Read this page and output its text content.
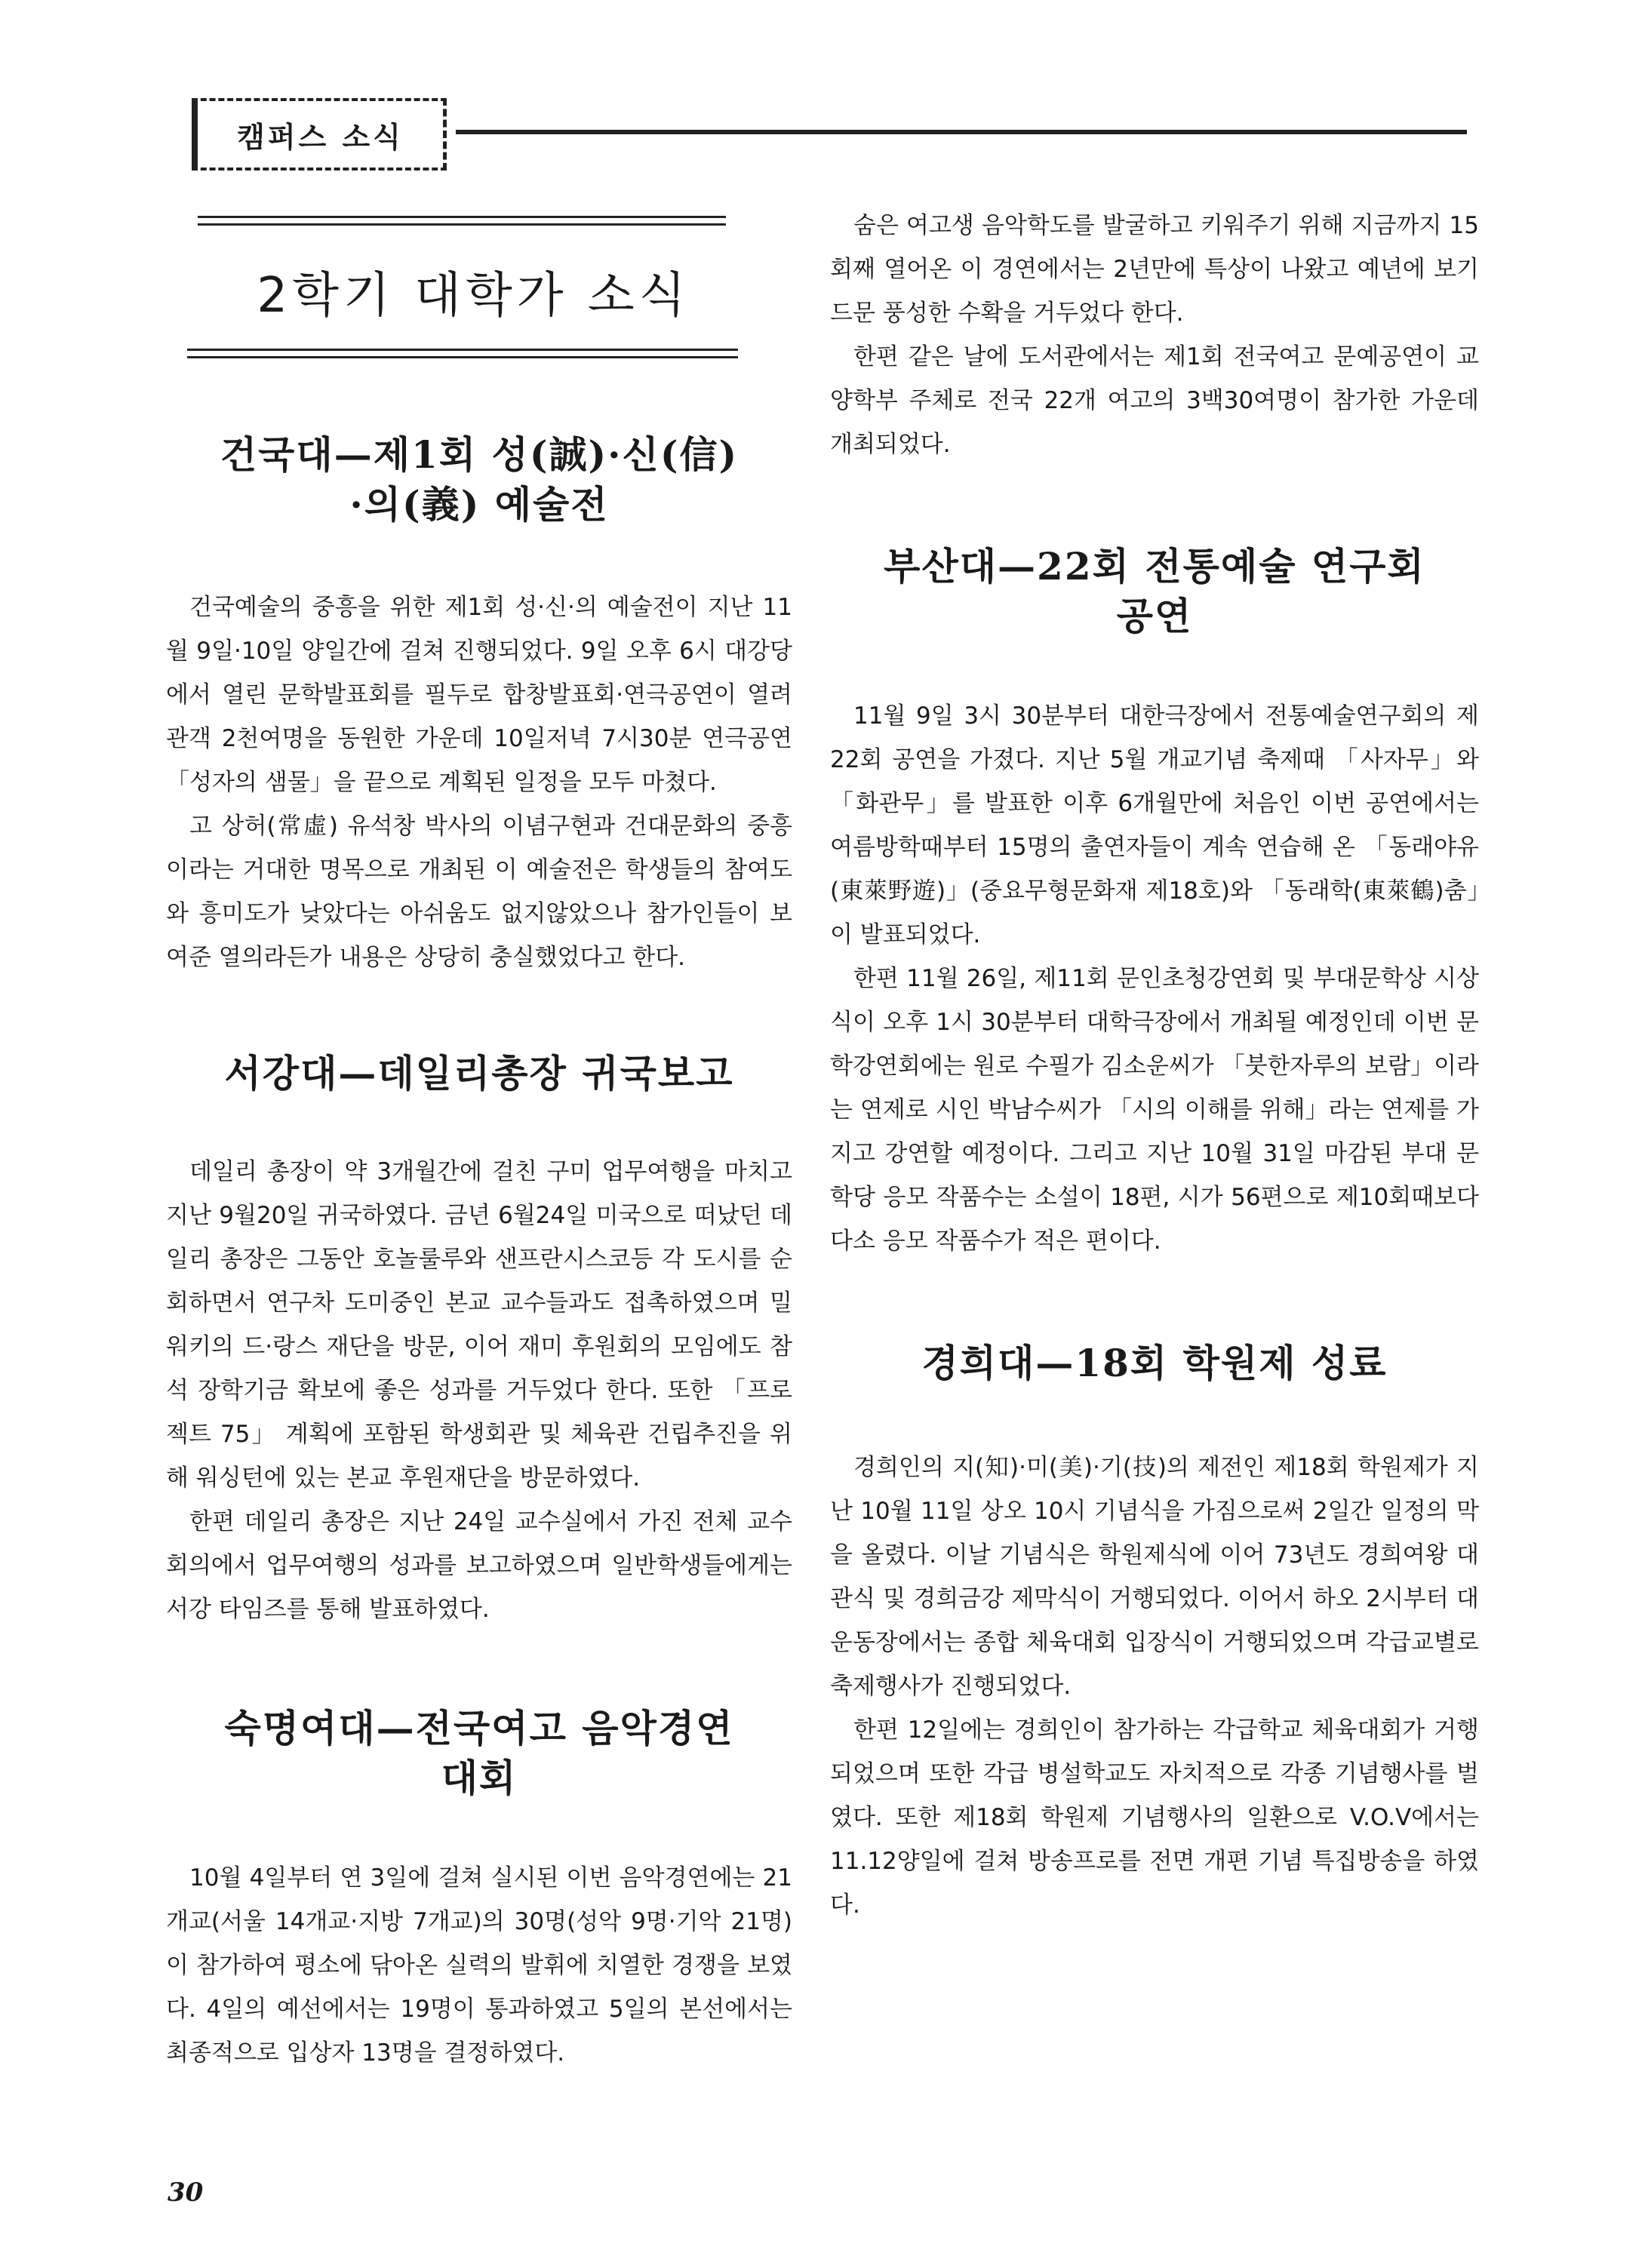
캠퍼스 소식
2학기 대학가 소식
건국대—제1회 성(誠)·신(信)
·의(義) 예술전

건국예술의 중흥을 위한 제1회 성·신·의 예술전이 지난 11월 9일·10일 양일간에 걸쳐 진행되었다. 9일 오후 6시 대강당에서 열린 문학발표회를 필두로 합창발표회·연극공연이 열려 관객 2천여명을 동원한 가운데 10일저녁 7시30분 연극공연 「성자의 샘물」을 끝으로 계획된 일정을 모두 마쳤다.

고 상허(常虛) 유석창 박사의 이념구현과 건대문화의 중흥이라는 거대한 명목으로 개최된 이 예술전은 학생들의 참여도와 흥미도가 낮았다는 아쉬움도 없지않았으나 참가인들이 보여준 열의라든가 내용은 상당히 충실했었다고 한다.

서강대—데일리총장 귀국보고

데일리 총장이 약 3개월간에 걸친 구미 업무여행을 마치고 지난 9월20일 귀국하였다. 금년 6월24일 미국으로 떠났던 데일리 총장은 그동안 호놀룰루와 샌프란시스코등 각 도시를 순회하면서 연구차 도미중인 본교 교수들과도 접촉하였으며 밀워키의 드·랑스 재단을 방문, 이어 재미 후원회의 모임에도 참석 장학기금 확보에 좋은 성과를 거두었다 한다. 또한 「프로젝트 75」 계획에 포함된 학생회관 및 체육관 건립추진을 위해 워싱턴에 있는 본교 후원재단을 방문하였다.

한편 데일리 총장은 지난 24일 교수실에서 가진 전체 교수회의에서 업무여행의 성과를 보고하였으며 일반학생들에게는 서강 타임즈를 통해 발표하였다.

숙명여대—전국여고 음악경연
대회

10월 4일부터 연 3일에 걸쳐 실시된 이번 음악경연에는 21개교(서울 14개교·지방 7개교)의 30명(성악 9명·기악 21명)이 참가하여 평소에 닦아온 실력의 발휘에 치열한 경쟁을 보였다. 4일의 예선에서는 19명이 통과하였고 5일의 본선에서는 최종적으로 입상자 13명을 결정하였다.

숨은 여고생 음악학도를 발굴하고 키워주기 위해 지금까지 15회째 열어온 이 경연에서는 2년만에 특상이 나왔고 예년에 보기드문 풍성한 수확을 거두었다 한다.

한편 같은 날에 도서관에서는 제1회 전국여고 문예공연이 교양학부 주체로 전국 22개 여고의 3백30여명이 참가한 가운데 개최되었다.

부산대—22회 전통예술 연구회
공연

11월 9일 3시 30분부터 대한극장에서 전통예술연구회의 제22회 공연을 가졌다. 지난 5월 개교기념 축제때 「사자무」와 「화관무」를 발표한 이후 6개월만에 처음인 이번 공연에서는 여름방학때부터 15명의 출연자들이 계속 연습해 온 「동래야유(東萊野遊)」(중요무형문화재 제18호)와 「동래학(東萊鶴)춤」이 발표되었다.

한편 11월 26일, 제11회 문인초청강연회 및 부대문학상 시상식이 오후 1시 30분부터 대학극장에서 개최될 예정인데 이번 문학강연회에는 원로 수필가 김소운씨가 「붓한자루의 보람」이라는 연제로 시인 박남수씨가 「시의 이해를 위해」라는 연제를 가지고 강연할 예정이다. 그리고 지난 10월 31일 마감된 부대 문학당 응모 작품수는 소설이 18편, 시가 56편으로 제10회때보다 다소 응모 작품수가 적은 편이다.

경희대—18회 학원제 성료

경희인의 지(知)·미(美)·기(技)의 제전인 제18회 학원제가 지난 10월 11일 상오 10시 기념식을 가짐으로써 2일간 일정의 막을 올렸다. 이날 기념식은 학원제식에 이어 73년도 경희여왕 대관식 및 경희금강 제막식이 거행되었다. 이어서 하오 2시부터 대운동장에서는 종합 체육대회 입장식이 거행되었으며 각급교별로 축제행사가 진행되었다.

한편 12일에는 경희인이 참가하는 각급학교 체육대회가 거행되었으며 또한 각급 병설학교도 자치적으로 각종 기념행사를 벌였다. 또한 제18회 학원제 기념행사의 일환으로 V.O.V에서는 11.12양일에 걸쳐 방송프로를 전면 개편 기념 특집방송을 하였다.

30
